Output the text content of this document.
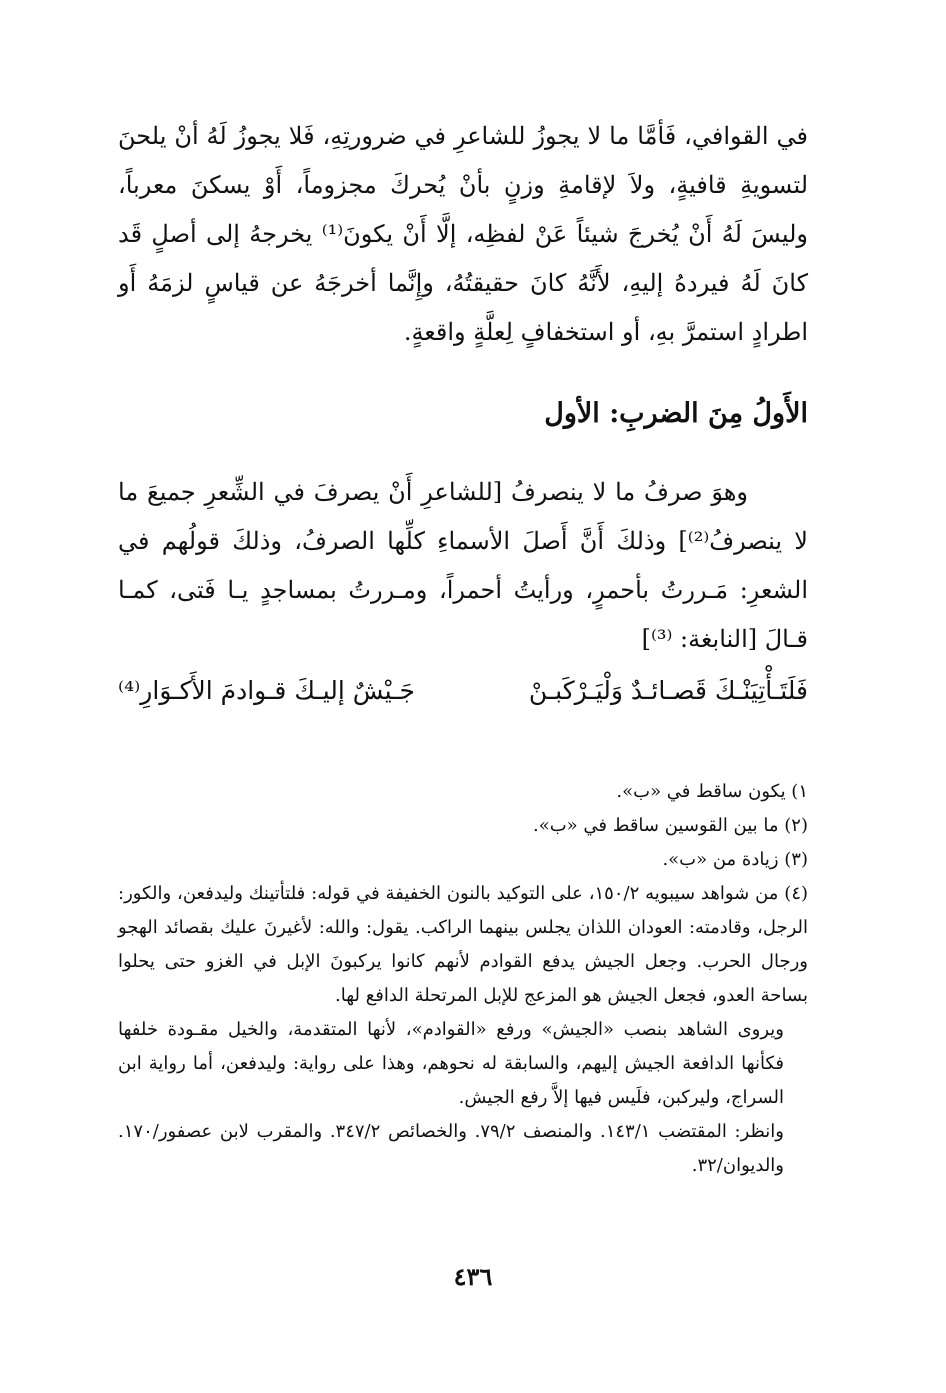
في القوافي، فَأمَّا ما لا يجوزُ للشاعرِ في ضرورتِهِ، فَلا يجوزُ لَهُ أنْ يلحنَ لتسويةِ قافيةٍ، ولاَ لإقامةِ وزنٍ بأنْ يُحركَ مجزوماً، أَوْ يسكنَ معرباً، وليسَ لَهُ أَنْ يُخرجَ شيئاً عَنْ لفظِه، إلَّا أَنْ يكونَ⁽¹⁾ يخرجهُ إلى أصلٍ قَد كانَ لَهُ فيردهُ إليهِ، لأَنَّهُ كانَ حقيقتُهُ، وإِنَّما أخرجَهُ عن قياسٍ لزمَهُ أَو اطرادٍ استمرَّ بهِ، أو استخفافٍ لِعلَّةٍ واقعةٍ.
الأَولُ مِنَ الضربِ: الأول
وهوَ صرفُ ما لا ينصرفُ [للشاعرِ أَنْ يصرفَ في الشِّعرِ جميعَ ما لا ينصرفُ⁽²⁾] وذلكَ أَنَّ أَصلَ الأسماءِ كلِّها الصرفُ، وذلكَ قولُهم في الشعرِ: مَـررتُ بأحمرٍ، ورأيتُ أحمراً، ومـررتُ بمساجدٍ يـا فَتى، كمـا قـالَ [النابغة: ⁽³⁾]
فَلَتَـأْتِيَنْـكَ قَصـائـدٌ وَلْيَـرْكَبـنْ
جَـيْشٌ إليـكَ قـوادمَ الأَكـوَارِ⁽⁴⁾

١) يكون ساقط في «ب».

(٢) ما بين القوسين ساقط في «ب».

(٣) زيادة من «ب».

(٤) من شواهد سيبويه ١٥٠/٢، على التوكيد بالنون الخفيفة في قوله: فلتأتينك وليدفعن، والكور: الرجل، وقادمته: العودان اللذان يجلس بينهما الراكب. يقول: والله: لأغيرنَ عليك بقصائد الهجو ورجال الحرب. وجعل الجيش يدفع القوادم لأنهم كانوا يركبونَ الإبل في الغزو حتى يحلوا بساحة العدو، فجعل الجيش هو المزعج للإبل المرتحلة الدافع لها.

ويروى الشاهد بنصب «الجيش» ورفع «القوادم»، لأنها المتقدمة، والخيل مقـودة خلفها فكأنها الدافعة الجيش إليهم، والسابقة له نحوهم، وهذا على رواية: وليدفعن، أما رواية ابن السراج، وليركبن، فلَيس فيها إلاَّ رفع الجيش.

وانظر: المقتضب ١٤٣/١. والمنصف ٧٩/٢. والخصائص ٣٤٧/٢. والمقرب لابن عصفور/١٧٠. والديوان/٣٢.

٤٣٦
